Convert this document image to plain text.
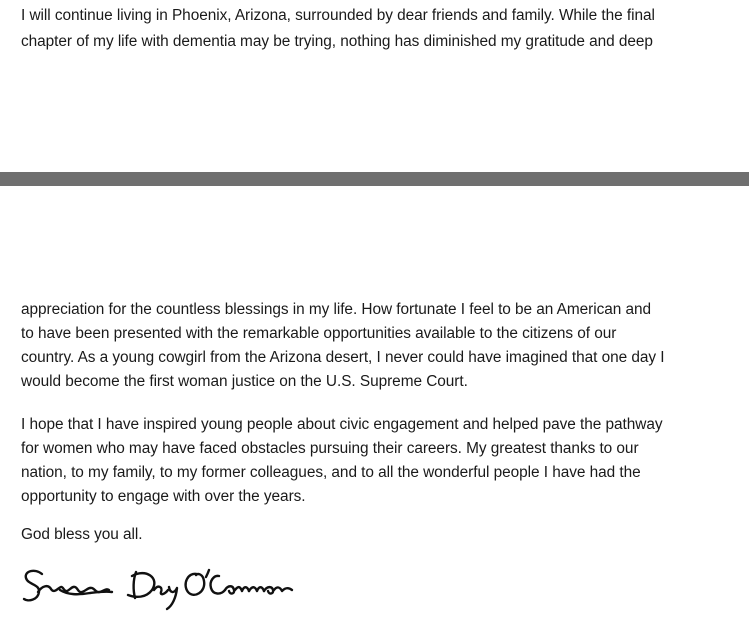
I will continue living in Phoenix, Arizona, surrounded by dear friends and family. While the final
chapter of my life with dementia may be trying, nothing has diminished my gratitude and deep
appreciation for the countless blessings in my life. How fortunate I feel to be an American and
to have been presented with the remarkable opportunities available to the citizens of our
country. As a young cowgirl from the Arizona desert, I never could have imagined that one day I
would become the first woman justice on the U.S. Supreme Court.
I hope that I have inspired young people about civic engagement and helped pave the pathway
for women who may have faced obstacles pursuing their careers. My greatest thanks to our
nation, to my family, to my former colleagues, and to all the wonderful people I have had the
opportunity to engage with over the years.
God bless you all.
